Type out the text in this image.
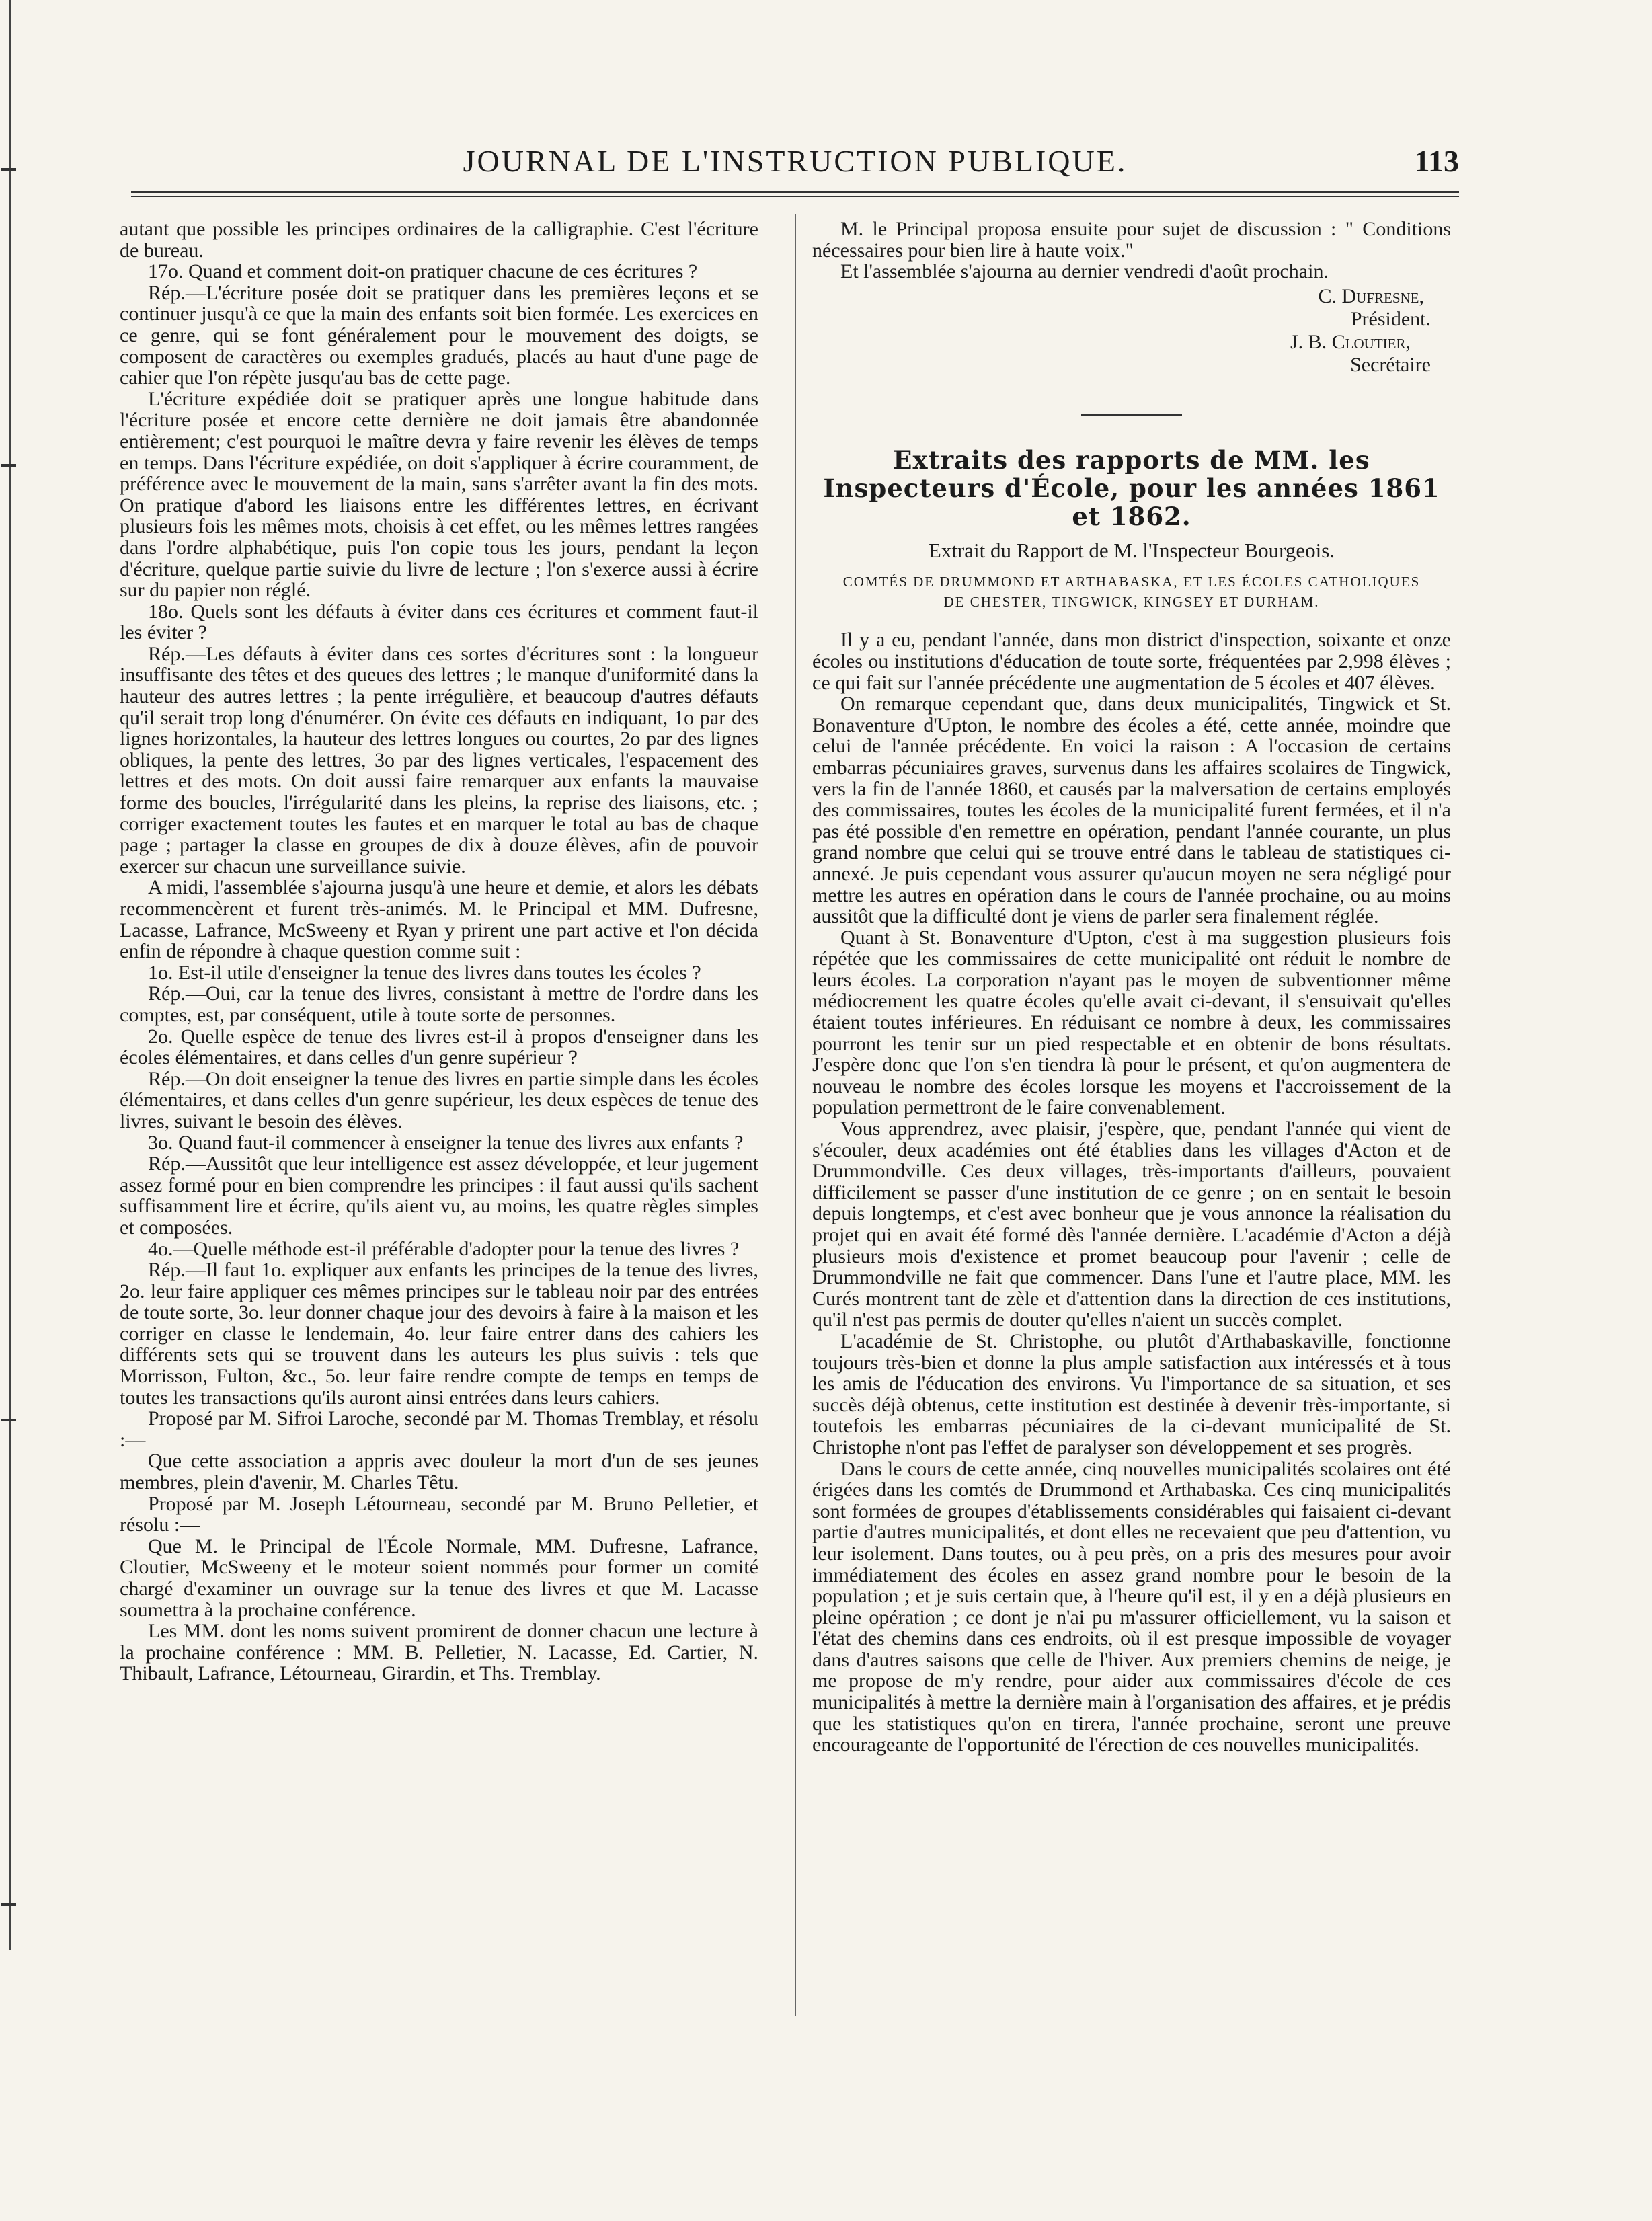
JOURNAL DE L'INSTRUCTION PUBLIQUE.	113

autant que possible les principes ordinaires de la calligraphie. C'est l'écriture de bureau.

17o. Quand et comment doit-on pratiquer chacune de ces écritures ?

Rép.—L'écriture posée doit se pratiquer dans les premières leçons et se continuer jusqu'à ce que la main des enfants soit bien formée. Les exercices en ce genre, qui se font généralement pour le mouvement des doigts, se composent de caractères ou exemples gradués, placés au haut d'une page de cahier que l'on répète jusqu'au bas de cette page.

L'écriture expédiée doit se pratiquer après une longue habitude dans l'écriture posée et encore cette dernière ne doit jamais être abandonnée entièrement; c'est pourquoi le maître devra y faire revenir les élèves de temps en temps. Dans l'écriture expédiée, on doit s'appliquer à écrire couramment, de préférence avec le mouvement de la main, sans s'arrêter avant la fin des mots. On pratique d'abord les liaisons entre les différentes lettres, en écrivant plusieurs fois les mêmes mots, choisis à cet effet, ou les mêmes lettres rangées dans l'ordre alphabétique, puis l'on copie tous les jours, pendant la leçon d'écriture, quelque partie suivie du livre de lecture ; l'on s'exerce aussi à écrire sur du papier non réglé.

18o. Quels sont les défauts à éviter dans ces écritures et comment faut-il les éviter ?

Rép.—Les défauts à éviter dans ces sortes d'écritures sont : la longueur insuffisante des têtes et des queues des lettres ; le manque d'uniformité dans la hauteur des autres lettres ; la pente irrégulière, et beaucoup d'autres défauts qu'il serait trop long d'énumérer. On évite ces défauts en indiquant, 1o par des lignes horizontales, la hauteur des lettres longues ou courtes, 2o par des lignes obliques, la pente des lettres, 3o par des lignes verticales, l'espacement des lettres et des mots. On doit aussi faire remarquer aux enfants la mauvaise forme des boucles, l'irrégularité dans les pleins, la reprise des liaisons, etc. ; corriger exactement toutes les fautes et en marquer le total au bas de chaque page ; partager la classe en groupes de dix à douze élèves, afin de pouvoir exercer sur chacun une surveillance suivie.

A midi, l'assemblée s'ajourna jusqu'à une heure et demie, et alors les débats recommencèrent et furent très-animés. M. le Principal et MM. Dufresne, Lacasse, Lafrance, McSweeny et Ryan y prirent une part active et l'on décida enfin de répondre à chaque question comme suit :

1o. Est-il utile d'enseigner la tenue des livres dans toutes les écoles ?

Rép.—Oui, car la tenue des livres, consistant à mettre de l'ordre dans les comptes, est, par conséquent, utile à toute sorte de personnes.

2o. Quelle espèce de tenue des livres est-il à propos d'enseigner dans les écoles élémentaires, et dans celles d'un genre supérieur ?

Rép.—On doit enseigner la tenue des livres en partie simple dans les écoles élémentaires, et dans celles d'un genre supérieur, les deux espèces de tenue des livres, suivant le besoin des élèves.

3o. Quand faut-il commencer à enseigner la tenue des livres aux enfants ?

Rép.—Aussitôt que leur intelligence est assez développée, et leur jugement assez formé pour en bien comprendre les principes : il faut aussi qu'ils sachent suffisamment lire et écrire, qu'ils aient vu, au moins, les quatre règles simples et composées.

4o.—Quelle méthode est-il préférable d'adopter pour la tenue des livres ?

Rép.—Il faut 1o. expliquer aux enfants les principes de la tenue des livres, 2o. leur faire appliquer ces mêmes principes sur le tableau noir par des entrées de toute sorte, 3o. leur donner chaque jour des devoirs à faire à la maison et les corriger en classe le lendemain, 4o. leur faire entrer dans des cahiers les différents sets qui se trouvent dans les auteurs les plus suivis : tels que Morrisson, Fulton, &c., 5o. leur faire rendre compte de temps en temps de toutes les transactions qu'ils auront ainsi entrées dans leurs cahiers.

Proposé par M. Sifroi Laroche, secondé par M. Thomas Tremblay, et résolu :—

Que cette association a appris avec douleur la mort d'un de ses jeunes membres, plein d'avenir, M. Charles Têtu.

Proposé par M. Joseph Létourneau, secondé par M. Bruno Pelletier, et résolu :—

Que M. le Principal de l'École Normale, MM. Dufresne, Lafrance, Cloutier, McSweeny et le moteur soient nommés pour former un comité chargé d'examiner un ouvrage sur la tenue des livres et que M. Lacasse soumettra à la prochaine conférence.

Les MM. dont les noms suivent promirent de donner chacun une lecture à la prochaine conférence : MM. B. Pelletier, N. Lacasse, Ed. Cartier, N. Thibault, Lafrance, Létourneau, Girardin, et Ths. Tremblay.

M. le Principal proposa ensuite pour sujet de discussion : " Conditions nécessaires pour bien lire à haute voix."

Et l'assemblée s'ajourna au dernier vendredi d'août prochain.

C. Dufresne,
Président.
J. B. Cloutier,
Secrétaire
Extraits des rapports de MM. les Inspecteurs d'École, pour les années 1861 et 1862.
Extrait du Rapport de M. l'Inspecteur Bourgeois.
COMTÉS DE DRUMMOND ET ARTHABASKA, ET LES ÉCOLES CATHOLIQUES DE CHESTER, TINGWICK, KINGSEY ET DURHAM.

Il y a eu, pendant l'année, dans mon district d'inspection, soixante et onze écoles ou institutions d'éducation de toute sorte, fréquentées par 2,998 élèves ; ce qui fait sur l'année précédente une augmentation de 5 écoles et 407 élèves.

On remarque cependant que, dans deux municipalités, Tingwick et St. Bonaventure d'Upton, le nombre des écoles a été, cette année, moindre que celui de l'année précédente. En voici la raison : A l'occasion de certains embarras pécuniaires graves, survenus dans les affaires scolaires de Tingwick, vers la fin de l'année 1860, et causés par la malversation de certains employés des commissaires, toutes les écoles de la municipalité furent fermées, et il n'a pas été possible d'en remettre en opération, pendant l'année courante, un plus grand nombre que celui qui se trouve entré dans le tableau de statistiques ci-annexé. Je puis cependant vous assurer qu'aucun moyen ne sera négligé pour mettre les autres en opération dans le cours de l'année prochaine, ou au moins aussitôt que la difficulté dont je viens de parler sera finalement réglée.

Quant à St. Bonaventure d'Upton, c'est à ma suggestion plusieurs fois répétée que les commissaires de cette municipalité ont réduit le nombre de leurs écoles. La corporation n'ayant pas le moyen de subventionner même médiocrement les quatre écoles qu'elle avait ci-devant, il s'ensuivait qu'elles étaient toutes inférieures. En réduisant ce nombre à deux, les commissaires pourront les tenir sur un pied respectable et en obtenir de bons résultats. J'espère donc que l'on s'en tiendra là pour le présent, et qu'on augmentera de nouveau le nombre des écoles lorsque les moyens et l'accroissement de la population permettront de le faire convenablement.

Vous apprendrez, avec plaisir, j'espère, que, pendant l'année qui vient de s'écouler, deux académies ont été établies dans les villages d'Acton et de Drummondville. Ces deux villages, très-importants d'ailleurs, pouvaient difficilement se passer d'une institution de ce genre ; on en sentait le besoin depuis longtemps, et c'est avec bonheur que je vous annonce la réalisation du projet qui en avait été formé dès l'année dernière. L'académie d'Acton a déjà plusieurs mois d'existence et promet beaucoup pour l'avenir ; celle de Drummondville ne fait que commencer. Dans l'une et l'autre place, MM. les Curés montrent tant de zèle et d'attention dans la direction de ces institutions, qu'il n'est pas permis de douter qu'elles n'aient un succès complet.

L'académie de St. Christophe, ou plutôt d'Arthabaskaville, fonctionne toujours très-bien et donne la plus ample satisfaction aux intéressés et à tous les amis de l'éducation des environs. Vu l'importance de sa situation, et ses succès déjà obtenus, cette institution est destinée à devenir très-importante, si toutefois les embarras pécuniaires de la ci-devant municipalité de St. Christophe n'ont pas l'effet de paralyser son développement et ses progrès.

Dans le cours de cette année, cinq nouvelles municipalités scolaires ont été érigées dans les comtés de Drummond et Arthabaska. Ces cinq municipalités sont formées de groupes d'établissements considérables qui faisaient ci-devant partie d'autres municipalités, et dont elles ne recevaient que peu d'attention, vu leur isolement. Dans toutes, ou à peu près, on a pris des mesures pour avoir immédiatement des écoles en assez grand nombre pour le besoin de la population ; et je suis certain que, à l'heure qu'il est, il y en a déjà plusieurs en pleine opération ; ce dont je n'ai pu m'assurer officiellement, vu la saison et l'état des chemins dans ces endroits, où il est presque impossible de voyager dans d'autres saisons que celle de l'hiver. Aux premiers chemins de neige, je me propose de m'y rendre, pour aider aux commissaires d'école de ces municipalités à mettre la dernière main à l'organisation des affaires, et je prédis que les statistiques qu'on en tirera, l'année prochaine, seront une preuve encourageante de l'opportunité de l'érection de ces nouvelles municipalités.
